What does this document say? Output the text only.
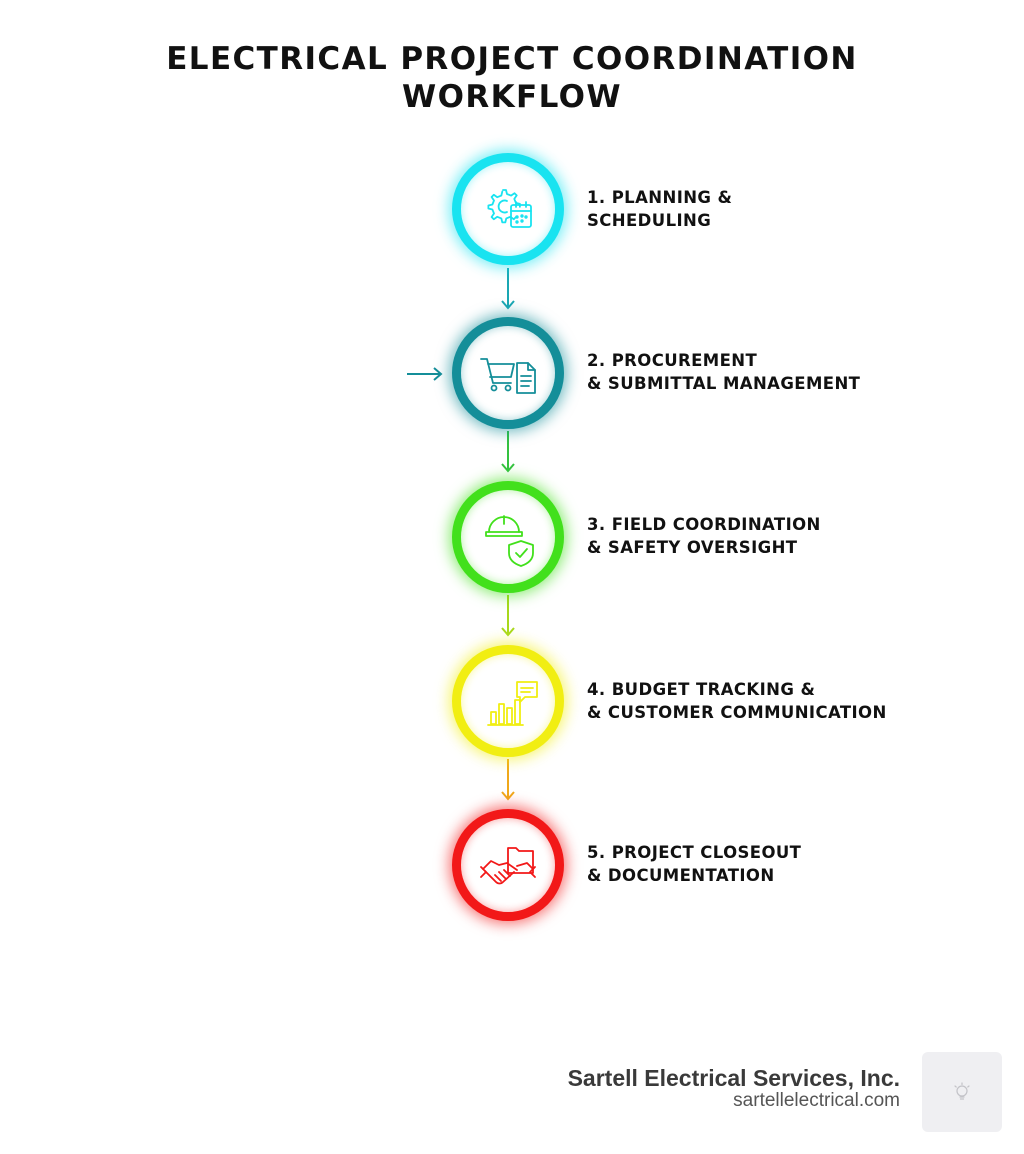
ELECTRICAL PROJECT COORDINATION
WORKFLOW
1. PLANNING &
SCHEDULING
2. PROCUREMENT
& SUBMITTAL MANAGEMENT
3. FIELD COORDINATION
& SAFETY OVERSIGHT
4. BUDGET TRACKING &
& CUSTOMER COMMUNICATION
5. PROJECT CLOSEOUT
& DOCUMENTATION
Sartell Electrical Services, Inc.
sartellelectrical.com
